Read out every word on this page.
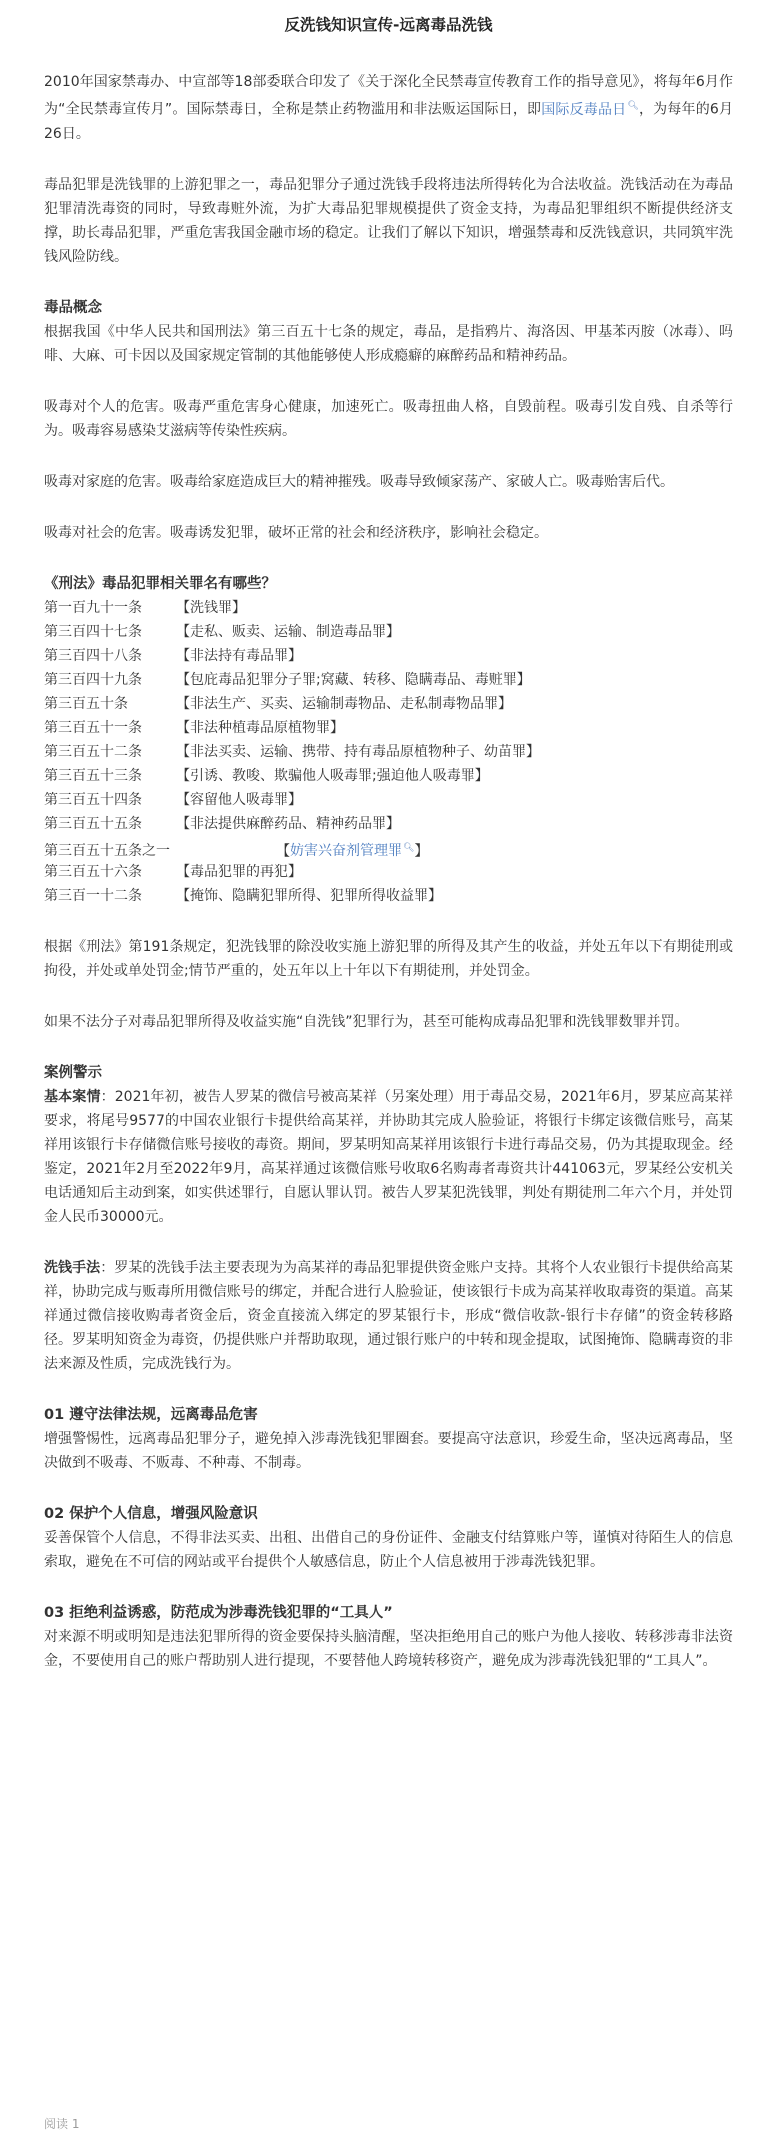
反洗钱知识宣传-远离毒品洗钱

2010年国家禁毒办、中宣部等18部委联合印发了《关于深化全民禁毒宣传教育工作的指导意见》，将每年6月作为“全民禁毒宣传月”。国际禁毒日，全称是禁止药物滥用和非法贩运国际日，即国际反毒品日🔍︎，为每年的6月26日。

毒品犯罪是洗钱罪的上游犯罪之一，毒品犯罪分子通过洗钱手段将违法所得转化为合法收益。洗钱活动在为毒品犯罪清洗毒资的同时，导致毒赃外流，为扩大毒品犯罪规模提供了资金支持，为毒品犯罪组织不断提供经济支撑，助长毒品犯罪，严重危害我国金融市场的稳定。让我们了解以下知识，增强禁毒和反洗钱意识，共同筑牢洗钱风险防线。

毒品概念

根据我国《中华人民共和国刑法》第三百五十七条的规定，毒品，是指鸦片、海洛因、甲基苯丙胺（冰毒）、吗啡、大麻、可卡因以及国家规定管制的其他能够使人形成瘾癖的麻醉药品和精神药品。

吸毒对个人的危害。吸毒严重危害身心健康，加速死亡。吸毒扭曲人格，自毁前程。吸毒引发自残、自杀等行为。吸毒容易感染艾滋病等传染性疾病。

吸毒对家庭的危害。吸毒给家庭造成巨大的精神摧残。吸毒导致倾家荡产、家破人亡。吸毒贻害后代。

吸毒对社会的危害。吸毒诱发犯罪，破坏正常的社会和经济秩序，影响社会稳定。

《刑法》毒品犯罪相关罪名有哪些？
第一百九十一条 【洗钱罪】
第三百四十七条 【走私、贩卖、运输、制造毒品罪】
第三百四十八条 【非法持有毒品罪】
第三百四十九条 【包庇毒品犯罪分子罪;窝藏、转移、隐瞒毒品、毒赃罪】
第三百五十条	【非法生产、买卖、运输制毒物品、走私制毒物品罪】
第三百五十一条 【非法种植毒品原植物罪】
第三百五十二条 【非法买卖、运输、携带、持有毒品原植物种子、幼苗罪】
第三百五十三条 【引诱、教唆、欺骗他人吸毒罪;强迫他人吸毒罪】
第三百五十四条 【容留他人吸毒罪】
第三百五十五条 【非法提供麻醉药品、精神药品罪】
第三百五十五条之一	【妨害兴奋剂管理罪🔍︎】
第三百五十六条 【毒品犯罪的再犯】
第三百一十二条 【掩饰、隐瞒犯罪所得、犯罪所得收益罪】

根据《刑法》第191条规定，犯洗钱罪的除没收实施上游犯罪的所得及其产生的收益，并处五年以下有期徒刑或拘役，并处或单处罚金;情节严重的，处五年以上十年以下有期徒刑，并处罚金。

如果不法分子对毒品犯罪所得及收益实施“自洗钱”犯罪行为，甚至可能构成毒品犯罪和洗钱罪数罪并罚。

案例警示

基本案情：2021年初，被告人罗某的微信号被高某祥（另案处理）用于毒品交易，2021年6月，罗某应高某祥要求，将尾号9577的中国农业银行卡提供给高某祥，并协助其完成人脸验证，将银行卡绑定该微信账号，高某祥用该银行卡存储微信账号接收的毒资。期间，罗某明知高某祥用该银行卡进行毒品交易，仍为其提取现金。经鉴定，2021年2月至2022年9月，高某祥通过该微信账号收取6名购毒者毒资共计441063元，罗某经公安机关电话通知后主动到案，如实供述罪行，自愿认罪认罚。被告人罗某犯洗钱罪，判处有期徒刑二年六个月，并处罚金人民币30000元。

洗钱手法：罗某的洗钱手法主要表现为为高某祥的毒品犯罪提供资金账户支持。其将个人农业银行卡提供给高某祥，协助完成与贩毒所用微信账号的绑定，并配合进行人脸验证，使该银行卡成为高某祥收取毒资的渠道。高某祥通过微信接收购毒者资金后，资金直接流入绑定的罗某银行卡，形成“微信收款-银行卡存储”的资金转移路径。罗某明知资金为毒资，仍提供账户并帮助取现，通过银行账户的中转和现金提取，试图掩饰、隐瞒毒资的非法来源及性质，完成洗钱行为。

01 遵守法律法规，远离毒品危害

增强警惕性，远离毒品犯罪分子，避免掉入涉毒洗钱犯罪圈套。要提高守法意识，珍爱生命，坚决远离毒品，坚决做到不吸毒、不贩毒、不种毒、不制毒。

02 保护个人信息，增强风险意识

妥善保管个人信息，不得非法买卖、出租、出借自己的身份证件、金融支付结算账户等，谨慎对待陌生人的信息索取，避免在不可信的网站或平台提供个人敏感信息，防止个人信息被用于涉毒洗钱犯罪。

03 拒绝利益诱惑，防范成为涉毒洗钱犯罪的“工具人”

对来源不明或明知是违法犯罪所得的资金要保持头脑清醒，坚决拒绝用自己的账户为他人接收、转移涉毒非法资金，不要使用自己的账户帮助别人进行提现，不要替他人跨境转移资产，避免成为涉毒洗钱犯罪的“工具人”。

阅读 1
